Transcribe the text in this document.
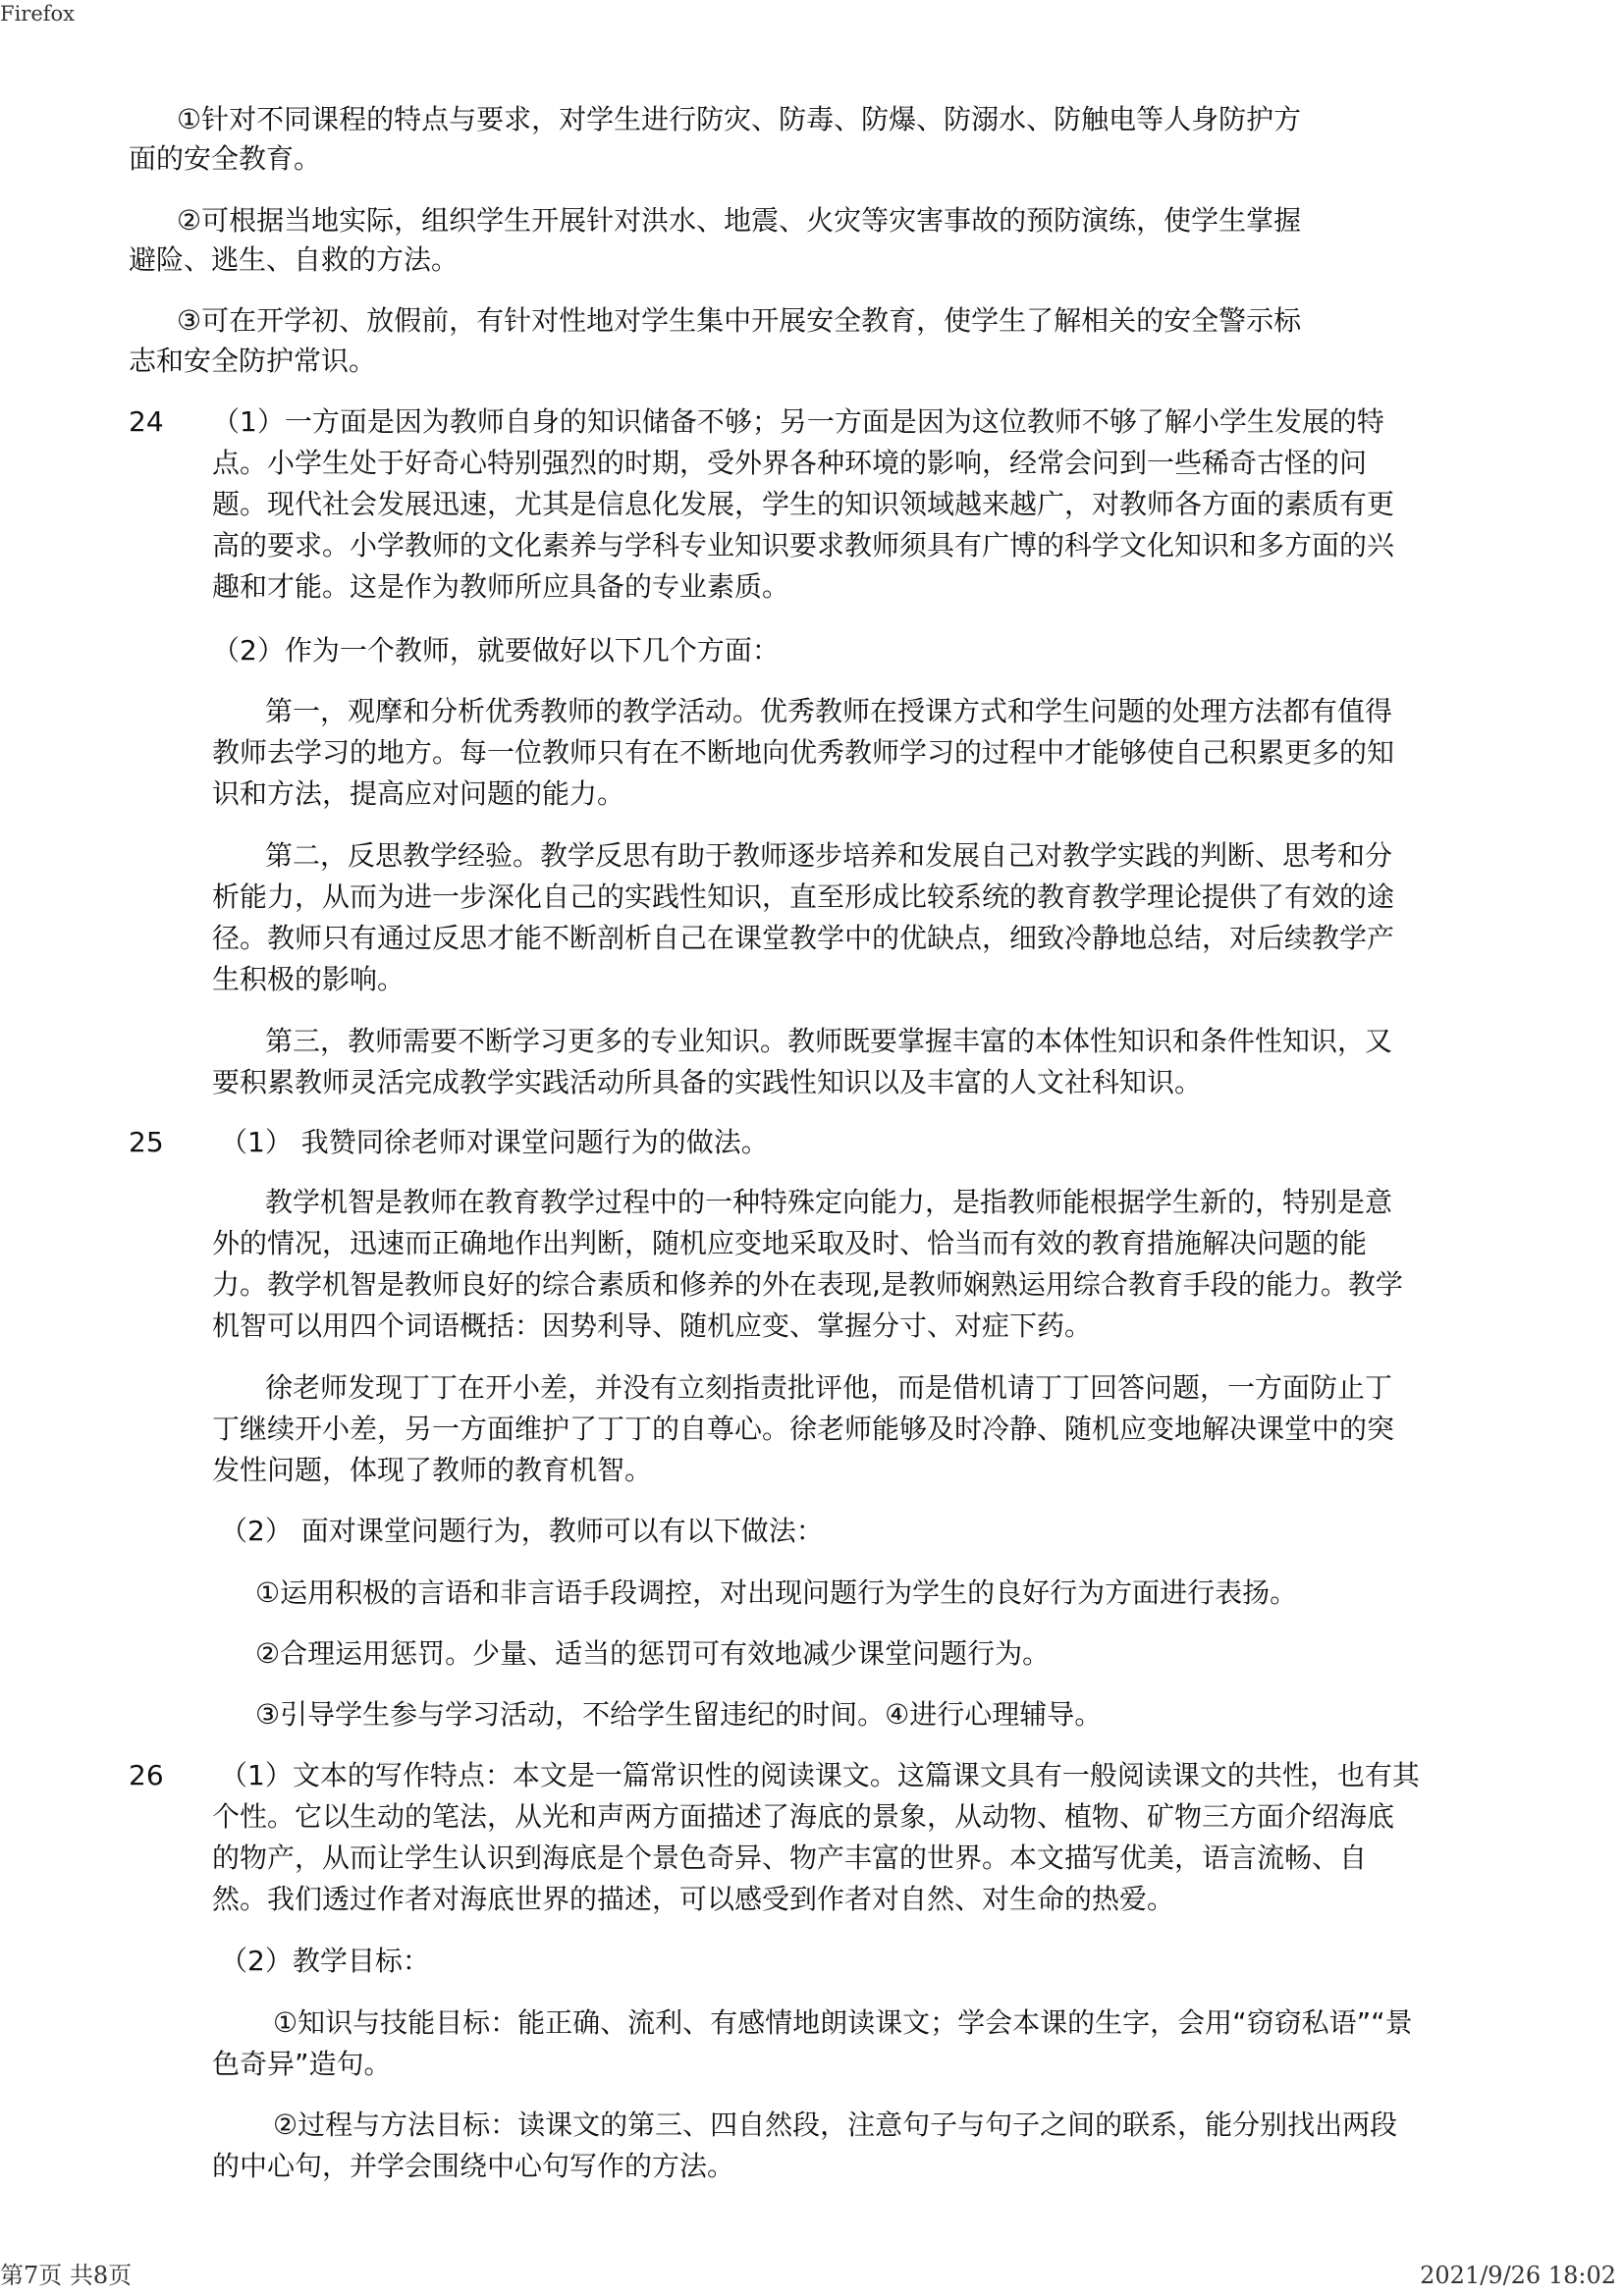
Firefox
①针对不同课程的特点与要求，对学生进行防灾、防毒、防爆、防溺水、防触电等人身防护方
面的安全教育。
②可根据当地实际，组织学生开展针对洪水、地震、火灾等灾害事故的预防演练，使学生掌握
避险、逃生、自救的方法。
③可在开学初、放假前，有针对性地对学生集中开展安全教育，使学生了解相关的安全警示标
志和安全防护常识。
24 （1）一方面是因为教师自身的知识储备不够；另一方面是因为这位教师不够了解小学生发展的特
点。小学生处于好奇心特别强烈的时期，受外界各种环境的影响，经常会问到一些稀奇古怪的问
题。现代社会发展迅速，尤其是信息化发展，学生的知识领域越来越广，对教师各方面的素质有更
高的要求。小学教师的文化素养与学科专业知识要求教师须具有广博的科学文化知识和多方面的兴
趣和才能。这是作为教师所应具备的专业素质。
（2）作为一个教师，就要做好以下几个方面：
第一，观摩和分析优秀教师的教学活动。优秀教师在授课方式和学生问题的处理方法都有值得
教师去学习的地方。每一位教师只有在不断地向优秀教师学习的过程中才能够使自己积累更多的知
识和方法，提高应对问题的能力。
第二，反思教学经验。教学反思有助于教师逐步培养和发展自己对教学实践的判断、思考和分
析能力，从而为进一步深化自己的实践性知识，直至形成比较系统的教育教学理论提供了有效的途
径。教师只有通过反思才能不断剖析自己在课堂教学中的优缺点，细致冷静地总结，对后续教学产
生积极的影响。
第三，教师需要不断学习更多的专业知识。教师既要掌握丰富的本体性知识和条件性知识，又
要积累教师灵活完成教学实践活动所具备的实践性知识以及丰富的人文社科知识。
25 （1） 我赞同徐老师对课堂问题行为的做法。
教学机智是教师在教育教学过程中的一种特殊定向能力，是指教师能根据学生新的，特别是意
外的情况，迅速而正确地作出判断，随机应变地采取及时、恰当而有效的教育措施解决问题的能
力。教学机智是教师良好的综合素质和修养的外在表现,是教师娴熟运用综合教育手段的能力。教学
机智可以用四个词语概括：因势利导、随机应变、掌握分寸、对症下药。
徐老师发现丁丁在开小差，并没有立刻指责批评他，而是借机请丁丁回答问题，一方面防止丁
丁继续开小差，另一方面维护了丁丁的自尊心。徐老师能够及时冷静、随机应变地解决课堂中的突
发性问题，体现了教师的教育机智。
（2） 面对课堂问题行为，教师可以有以下做法：
①运用积极的言语和非言语手段调控，对出现问题行为学生的良好行为方面进行表扬。
②合理运用惩罚。少量、适当的惩罚可有效地减少课堂问题行为。
③引导学生参与学习活动，不给学生留违纪的时间。④进行心理辅导。
26 （1）文本的写作特点：本文是一篇常识性的阅读课文。这篇课文具有一般阅读课文的共性，也有其
个性。它以生动的笔法，从光和声两方面描述了海底的景象，从动物、植物、矿物三方面介绍海底
的物产，从而让学生认识到海底是个景色奇异、物产丰富的世界。本文描写优美，语言流畅、自
然。我们透过作者对海底世界的描述，可以感受到作者对自然、对生命的热爱。
（2）教学目标：
①知识与技能目标：能正确、流利、有感情地朗读课文；学会本课的生字，会用“窃窃私语”“景
色奇异”造句。
②过程与方法目标：读课文的第三、四自然段，注意句子与句子之间的联系，能分别找出两段
的中心句，并学会围绕中心句写作的方法。
第7页 共8页	2021/9/26 18:02
